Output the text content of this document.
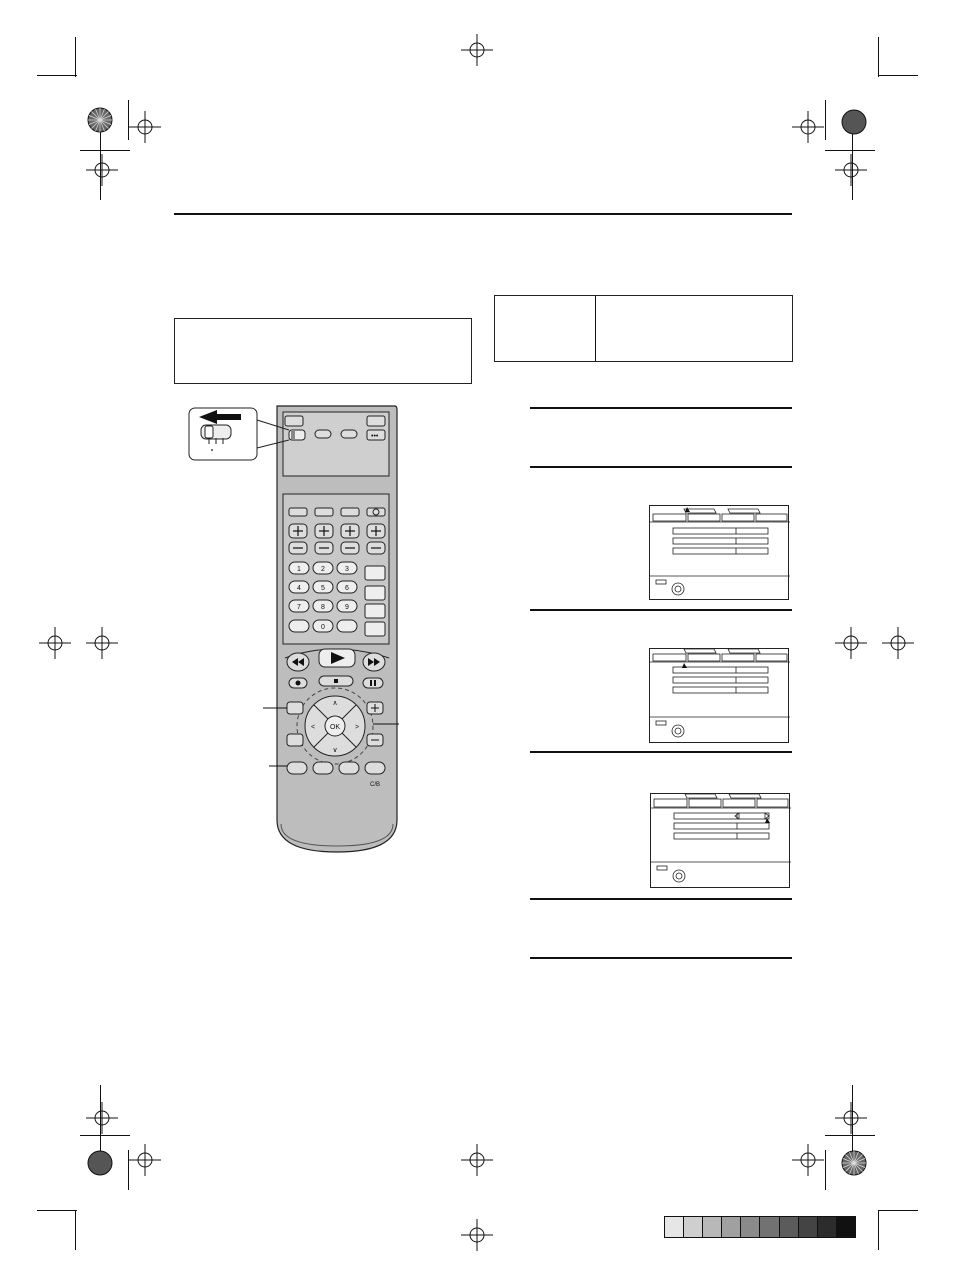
•••
1	2	3
4	5	6
7	8	9
0
OK
∧
∨
<	>
C/B
